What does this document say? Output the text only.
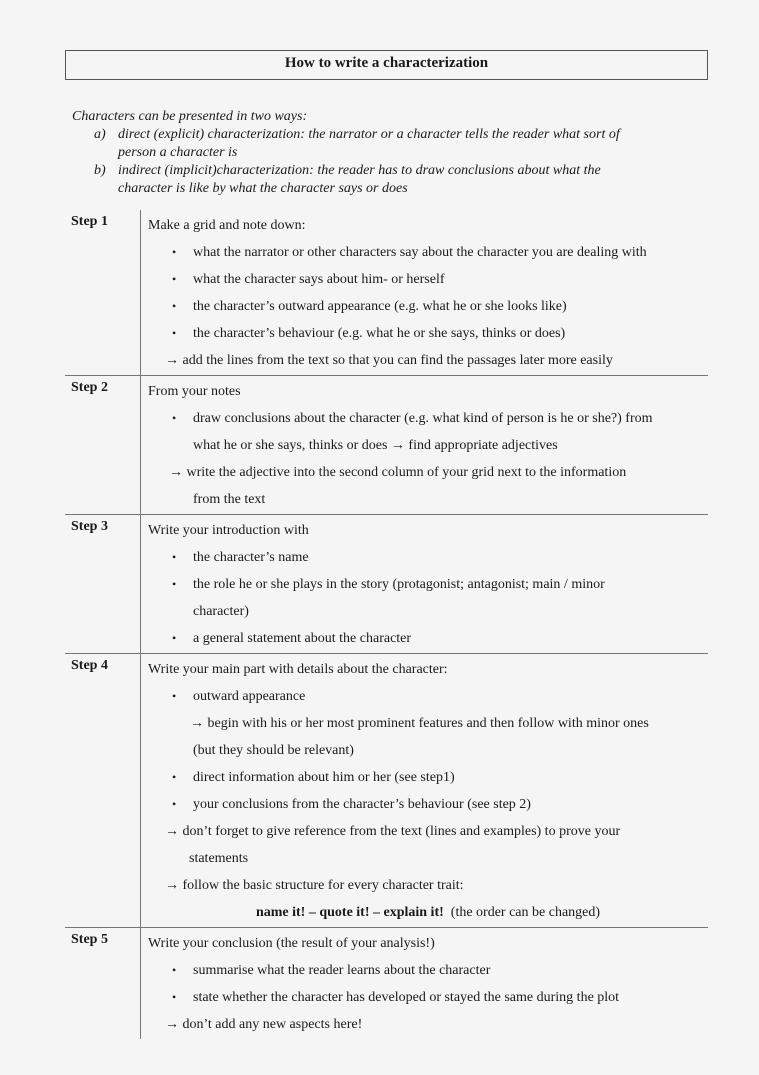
How to write a characterization
Characters can be presented in two ways:
a) direct (explicit) characterization: the narrator or a character tells the reader what sort of
person a character is
b) indirect (implicit)characterization: the reader has to draw conclusions about what the
character is like by what the character says or does
Step 1	Make a grid and note down:
• what the narrator or other characters say about the character you are dealing with
• what the character says about him- or herself
• the character’s outward appearance (e.g. what he or she looks like)
• the character’s behaviour (e.g. what he or she says, thinks or does)
→ add the lines from the text so that you can find the passages later more easily
Step 2	From your notes
• draw conclusions about the character (e.g. what kind of person is he or she?) from
what he or she says, thinks or does → find appropriate adjectives
→ write the adjective into the second column of your grid next to the information
from the text
Step 3	Write your introduction with
• the character’s name
• the role he or she plays in the story (protagonist; antagonist; main / minor
character)
• a general statement about the character
Step 4	Write your main part with details about the character:
• outward appearance
→ begin with his or her most prominent features and then follow with minor ones
(but they should be relevant)
• direct information about him or her (see step1)
• your conclusions from the character’s behaviour (see step 2)
→ don’t forget to give reference from the text (lines and examples) to prove your
statements
→ follow the basic structure for every character trait:
name it! – quote it! – explain it! (the order can be changed)
Step 5	Write your conclusion (the result of your analysis!)
• summarise what the reader learns about the character
• state whether the character has developed or stayed the same during the plot
→ don’t add any new aspects here!
